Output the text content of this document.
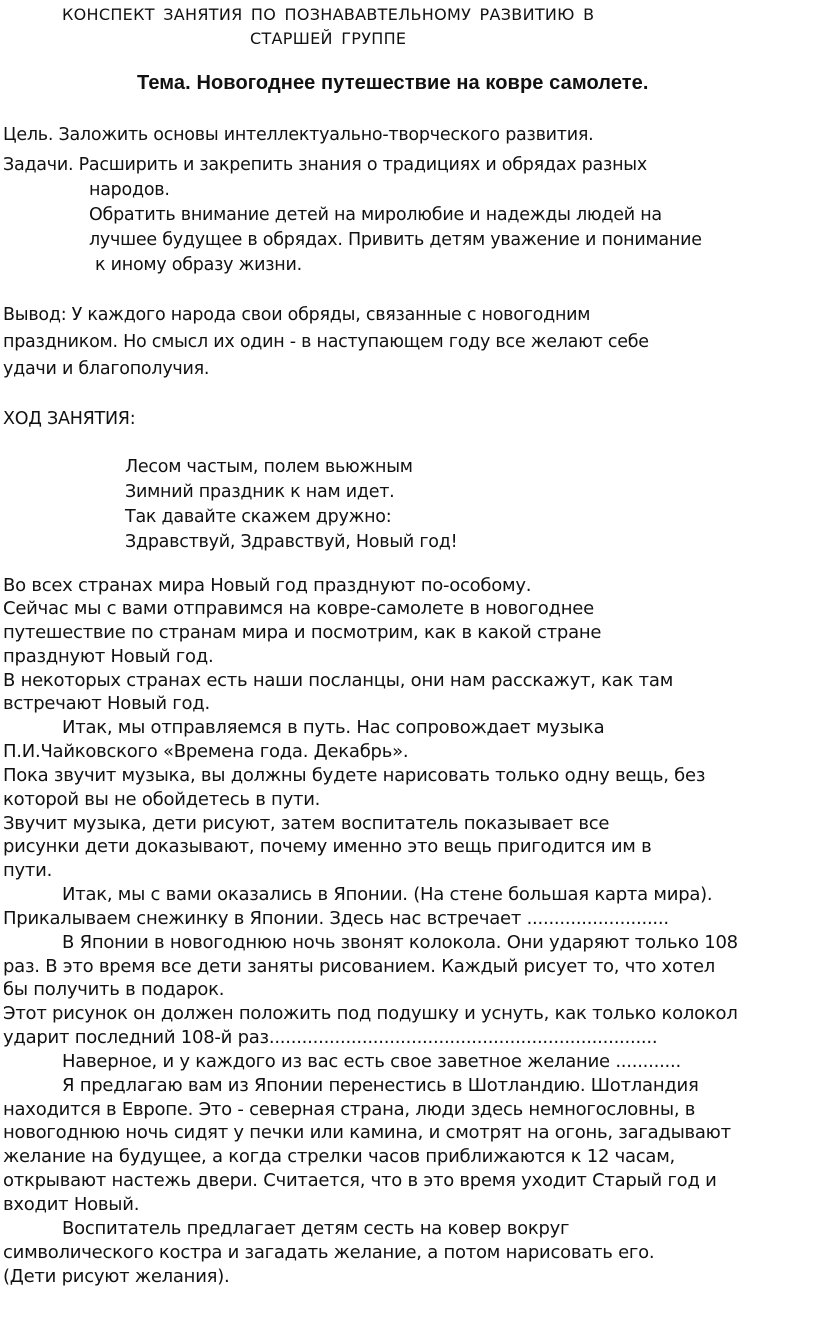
КОНСПЕКТ ЗАНЯТИЯ ПО ПОЗНАВАВТЕЛЬНОМУ РАЗВИТИЮ В
СТАРШЕЙ ГРУППЕ
Тема. Новогоднее путешествие на ковре самолете.
Цель. Заложить основы интеллектуально-творческого развития.
Задачи. Расширить и закрепить знания о традициях и обрядах разных
народов.
Обратить внимание детей на миролюбие и надежды людей на
лучшее будущее в обрядах. Привить детям уважение и понимание
к иному образу жизни.
Вывод: У каждого народа свои обряды, связанные с новогодним
праздником. Но смысл их один - в наступающем году все желают себе
удачи и благополучия.
ХОД ЗАНЯТИЯ:
Лесом частым, полем вьюжным
Зимний праздник к нам идет.
Так давайте скажем дружно:
Здравствуй, Здравствуй, Новый год!
Во всех странах мира Новый год празднуют по-особому.
Сейчас мы с вами отправимся на ковре-самолете в новогоднее
путешествие по странам мира и посмотрим, как в какой стране
празднуют Новый год.
В некоторых странах есть наши посланцы, они нам расскажут, как там
встречают Новый год.
Итак, мы отправляемся в путь. Нас сопровождает музыка
П.И.Чайковского «Времена года. Декабрь».
Пока звучит музыка, вы должны будете нарисовать только одну вещь, без
которой вы не обойдетесь в пути.
Звучит музыка, дети рисуют, затем воспитатель показывает все
рисунки дети доказывают, почему именно это вещь пригодится им в
пути.
Итак, мы с вами оказались в Японии. (На стене большая карта мира).
Прикалываем снежинку в Японии. Здесь нас встречает ..........................
В Японии в новогоднюю ночь звонят колокола. Они ударяют только 108
раз. В это время все дети заняты рисованием. Каждый рисует то, что хотел
бы получить в подарок.
Этот рисунок он должен положить под подушку и уснуть, как только колокол
ударит последний 108-й раз.......................................................................
Наверное, и у каждого из вас есть свое заветное желание ............
Я предлагаю вам из Японии перенестись в Шотландию. Шотландия
находится в Европе. Это - северная страна, люди здесь немногословны, в
новогоднюю ночь сидят у печки или камина, и смотрят на огонь, загадывают
желание на будущее, а когда стрелки часов приближаются к 12 часам,
открывают настежь двери. Считается, что в это время уходит Старый год и
входит Новый.
Воспитатель предлагает детям сесть на ковер вокруг
символического костра и загадать желание, а потом нарисовать его.
(Дети рисуют желания).
